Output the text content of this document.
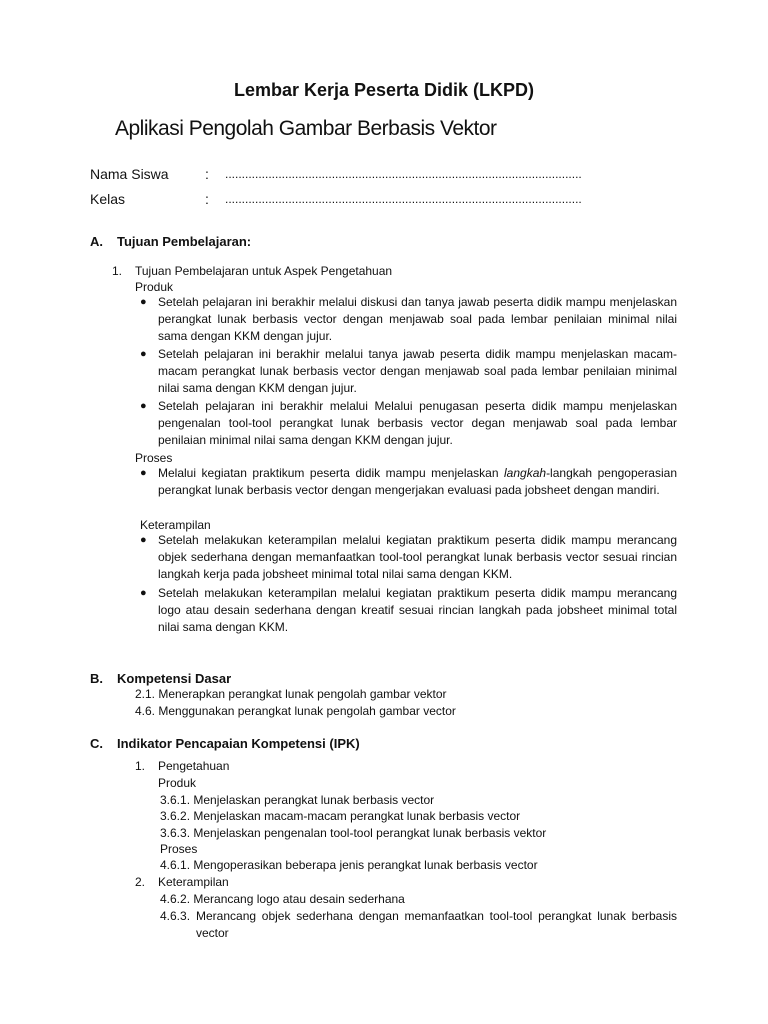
Lembar Kerja Peserta Didik (LKPD)
Aplikasi Pengolah Gambar Berbasis Vektor
Nama Siswa	: ...........................................................................................................
Kelas	: ...........................................................................................................
A. Tujuan Pembelajaran:
1. Tujuan Pembelajaran untuk Aspek Pengetahuan
Produk
● Setelah pelajaran ini berakhir melalui diskusi dan tanya jawab peserta didik mampu menjelaskan perangkat lunak berbasis vector dengan menjawab soal pada lembar penilaian minimal nilai sama dengan KKM dengan jujur.
● Setelah pelajaran ini berakhir melalui tanya jawab peserta didik mampu menjelaskan macam-macam perangkat lunak berbasis vector dengan menjawab soal pada lembar penilaian minimal nilai sama dengan KKM dengan jujur.
● Setelah pelajaran ini berakhir melalui Melalui penugasan peserta didik mampu menjelaskan pengenalan tool-tool perangkat lunak berbasis vector degan menjawab soal pada lembar penilaian minimal nilai sama dengan KKM dengan jujur.
Proses
● Melalui kegiatan praktikum peserta didik mampu menjelaskan langkah-langkah pengoperasian perangkat lunak berbasis vector dengan mengerjakan evaluasi pada jobsheet dengan mandiri.
Keterampilan
● Setelah melakukan keterampilan melalui kegiatan praktikum peserta didik mampu merancang objek sederhana dengan memanfaatkan tool-tool perangkat lunak berbasis vector sesuai rincian langkah kerja pada jobsheet minimal total nilai sama dengan KKM.
● Setelah melakukan keterampilan melalui kegiatan praktikum peserta didik mampu merancang logo atau desain sederhana dengan kreatif sesuai rincian langkah pada jobsheet minimal total nilai sama dengan KKM.
B. Kompetensi Dasar
2.1. Menerapkan perangkat lunak pengolah gambar vektor
4.6. Menggunakan perangkat lunak pengolah gambar vector
C. Indikator Pencapaian Kompetensi (IPK)
1. Pengetahuan
Produk
3.6.1. Menjelaskan perangkat lunak berbasis vector
3.6.2. Menjelaskan macam-macam perangkat lunak berbasis vector
3.6.3. Menjelaskan pengenalan tool-tool perangkat lunak berbasis vektor
Proses
4.6.1. Mengoperasikan beberapa jenis perangkat lunak berbasis vector
2. Keterampilan
4.6.2. Merancang logo atau desain sederhana
4.6.3. Merancang objek sederhana dengan memanfaatkan tool-tool perangkat lunak berbasis vector
